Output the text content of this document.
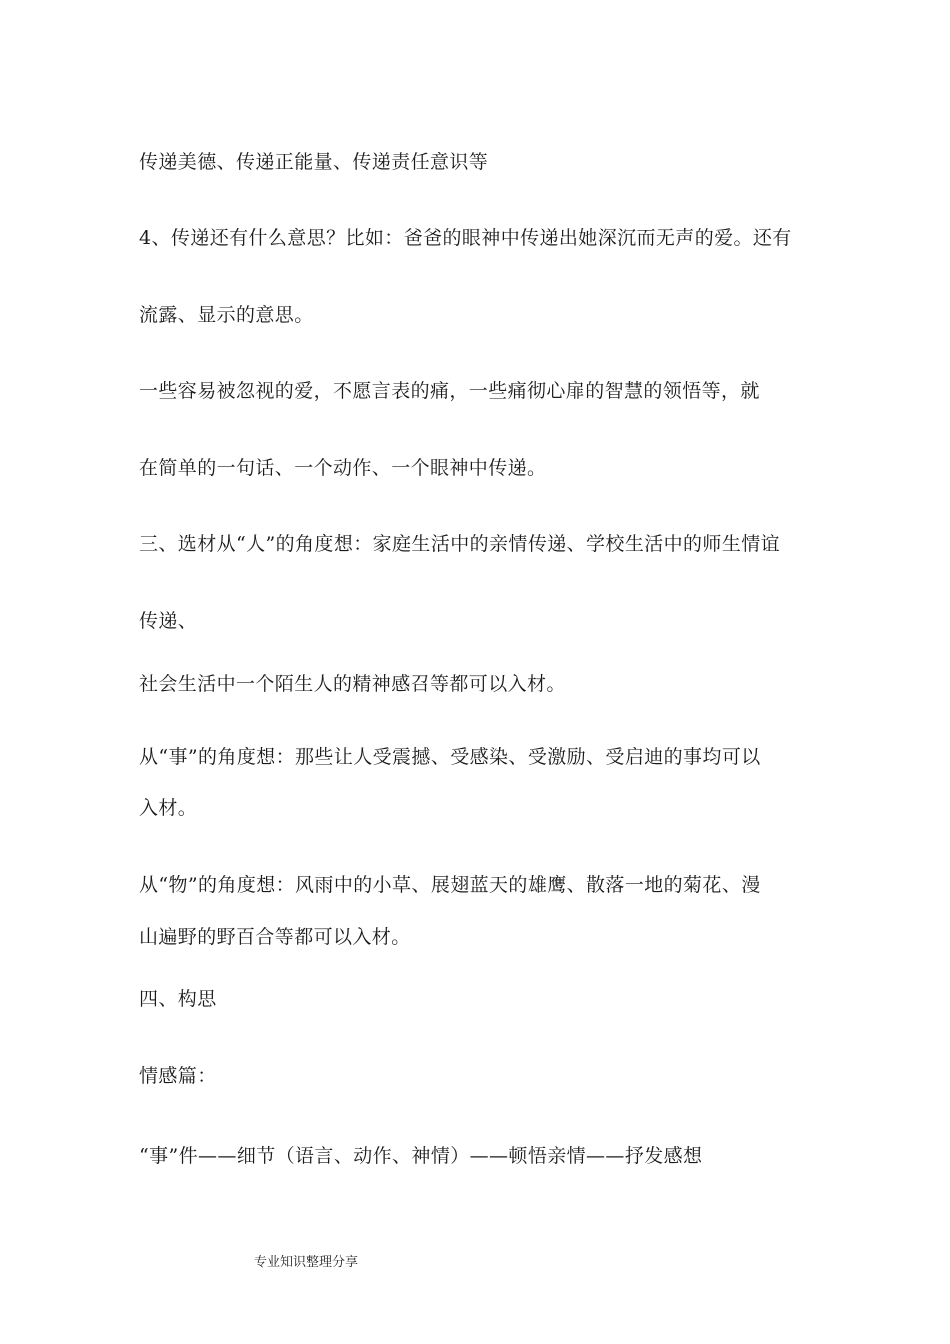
传递美德、传递正能量、传递责任意识等
4、传递还有什么意思？比如：爸爸的眼神中传递出她深沉而无声的爱。还有
流露、显示的意思。
一些容易被忽视的爱，不愿言表的痛，一些痛彻心扉的智慧的领悟等，就
在简单的一句话、一个动作、一个眼神中传递。
三、选材从“人”的角度想：家庭生活中的亲情传递、学校生活中的师生情谊
传递、
社会生活中一个陌生人的精神感召等都可以入材。
从“事”的角度想：那些让人受震撼、受感染、受激励、受启迪的事均可以
入材。
从“物”的角度想：风雨中的小草、展翅蓝天的雄鹰、散落一地的菊花、漫
山遍野的野百合等都可以入材。
四、构思
情感篇：
“事”件——细节（语言、动作、神情）——顿悟亲情——抒发感想
专业知识整理分享
